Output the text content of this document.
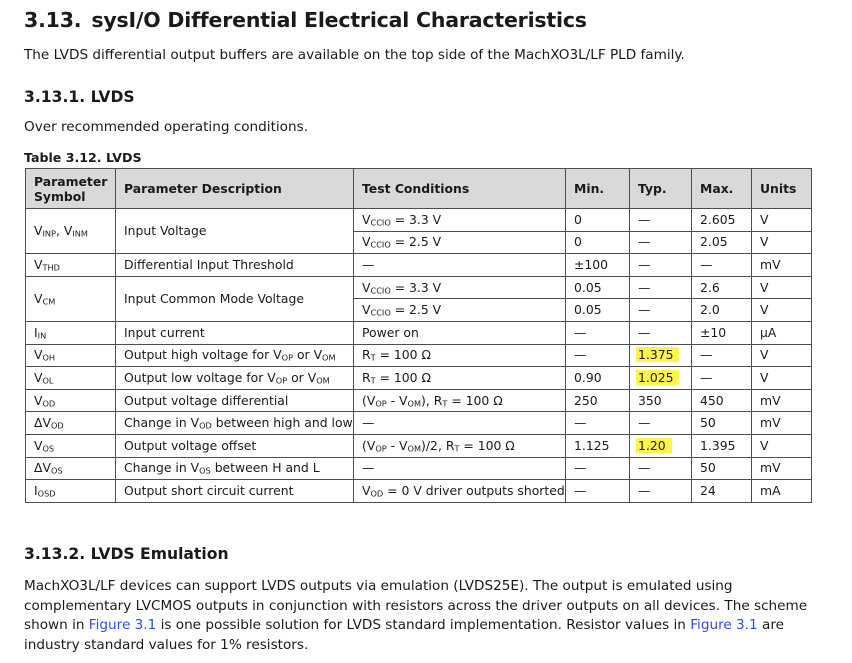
3.13. sysI/O Differential Electrical Characteristics
The LVDS differential output buffers are available on the top side of the MachXO3L/LF PLD family.
3.13.1. LVDS
Over recommended operating conditions.
Table 3.12. LVDS
Parameter Symbol	Parameter Description	Test Conditions	Min.	Typ.	Max.	Units
$V_{INP}$, $V_{INM}$	Input Voltage	$V_{CCIO} = 3.3$ V	0	—	2.605	V
		$V_{CCIO} = 2.5$ V	0	—	2.05	V
$V_{THD}$	Differential Input Threshold	—	±100	—	—	mV
$V_{CM}$	Input Common Mode Voltage	$V_{CCIO} = 3.3$ V	0.05	—	2.6	V
		$V_{CCIO} = 2.5$ V	0.05	—	2.0	V
$I_{IN}$	Input current	Power on	—	—	±10	μA
$V_{OH}$	Output high voltage for $V_{OP}$ or $V_{OM}$	$R_T = 100$ Ω	—	1.375	—	V
$V_{OL}$	Output low voltage for $V_{OP}$ or $V_{OM}$	$R_T = 100$ Ω	0.90	1.025	—	V
$V_{OD}$	Output voltage differential	$(V_{OP} - V_{OM})$, $R_T = 100$ Ω	250	350	450	mV
$\Delta V_{OD}$	Change in $V_{OD}$ between high and low	—	—	—	50	mV
$V_{OS}$	Output voltage offset	$(V_{OP} - V_{OM})/2$, $R_T = 100$ Ω	1.125	1.20	1.395	V
$\Delta V_{OS}$	Change in $V_{OS}$ between H and L	—	—	—	50	mV
$I_{OSD}$	Output short circuit current	$V_{OD} = 0$ V driver outputs shorted	—	—	24	mA
3.13.2. LVDS Emulation
MachXO3L/LF devices can support LVDS outputs via emulation (LVDS25E). The output is emulated using
complementary LVCMOS outputs in conjunction with resistors across the driver outputs on all devices. The scheme
shown in Figure 3.1 is one possible solution for LVDS standard implementation. Resistor values in Figure 3.1 are
industry standard values for 1% resistors.
